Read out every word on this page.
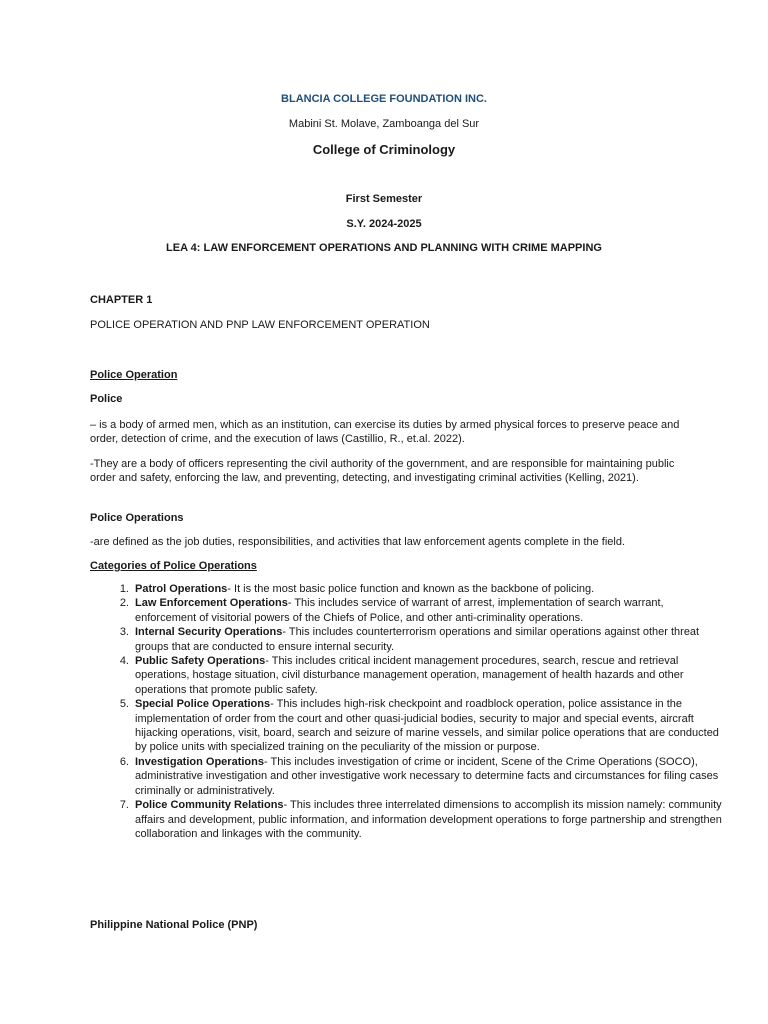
BLANCIA COLLEGE FOUNDATION INC.
Mabini St. Molave, Zamboanga del Sur
College of Criminology
First Semester
S.Y. 2024-2025
LEA 4: LAW ENFORCEMENT OPERATIONS AND PLANNING WITH CRIME MAPPING
CHAPTER 1
POLICE OPERATION AND PNP LAW ENFORCEMENT OPERATION
Police Operation
Police
– is a body of armed men, which as an institution, can exercise its duties by armed physical forces to preserve peace and order, detection of crime, and the execution of laws (Castillio, R., et.al. 2022).
-They are a body of officers representing the civil authority of the government, and are responsible for maintaining public order and safety, enforcing the law, and preventing, detecting, and investigating criminal activities (Kelling, 2021).
Police Operations
-are defined as the job duties, responsibilities, and activities that law enforcement agents complete in the field.
Categories of Police Operations
1. Patrol Operations- It is the most basic police function and known as the backbone of policing.
2. Law Enforcement Operations- This includes service of warrant of arrest, implementation of search warrant, enforcement of visitorial powers of the Chiefs of Police, and other anti-criminality operations.
3. Internal Security Operations- This includes counterterrorism operations and similar operations against other threat groups that are conducted to ensure internal security.
4. Public Safety Operations- This includes critical incident management procedures, search, rescue and retrieval operations, hostage situation, civil disturbance management operation, management of health hazards and other operations that promote public safety.
5. Special Police Operations- This includes high-risk checkpoint and roadblock operation, police assistance in the implementation of order from the court and other quasi-judicial bodies, security to major and special events, aircraft hijacking operations, visit, board, search and seizure of marine vessels, and similar police operations that are conducted by police units with specialized training on the peculiarity of the mission or purpose.
6. Investigation Operations- This includes investigation of crime or incident, Scene of the Crime Operations (SOCO), administrative investigation and other investigative work necessary to determine facts and circumstances for filing cases criminally or administratively.
7. Police Community Relations- This includes three interrelated dimensions to accomplish its mission namely: community affairs and development, public information, and information development operations to forge partnership and strengthen collaboration and linkages with the community.
Philippine National Police (PNP)
